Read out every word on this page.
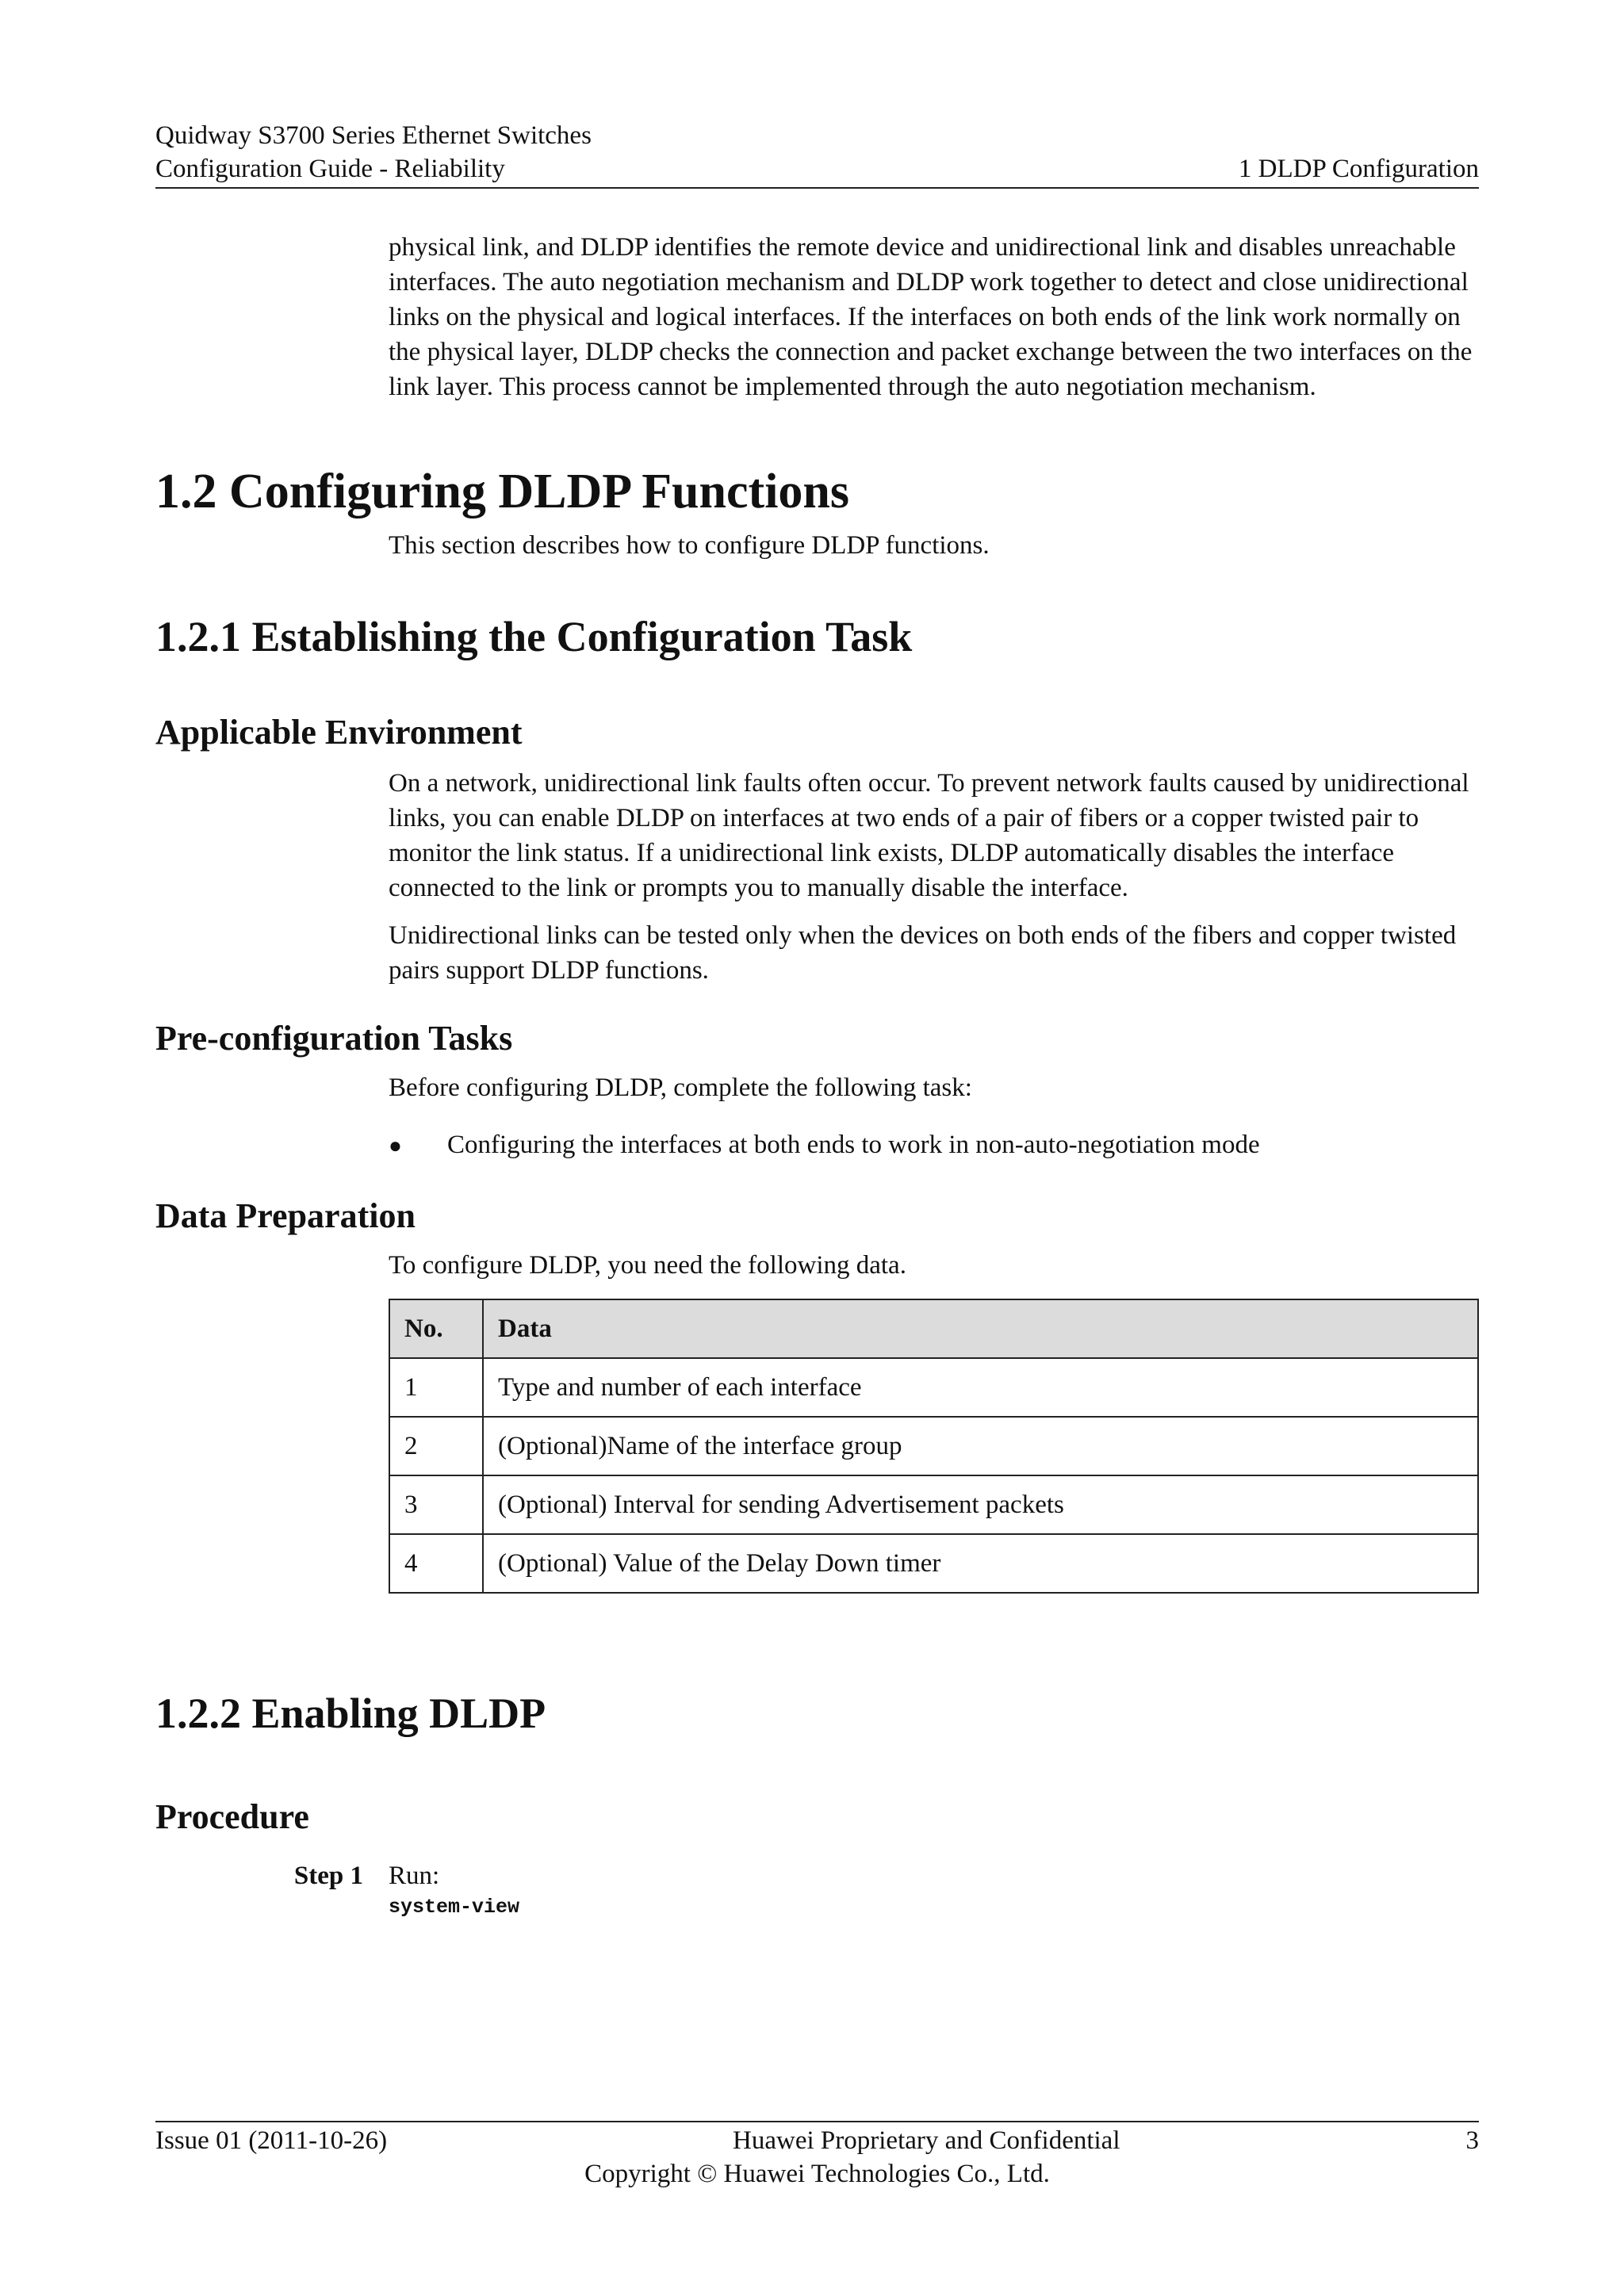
Quidway S3700 Series Ethernet Switches
Configuration Guide - Reliability	1 DLDP Configuration

physical link, and DLDP identifies the remote device and unidirectional link and disables unreachable interfaces. The auto negotiation mechanism and DLDP work together to detect and close unidirectional links on the physical and logical interfaces. If the interfaces on both ends of the link work normally on the physical layer, DLDP checks the connection and packet exchange between the two interfaces on the link layer. This process cannot be implemented through the auto negotiation mechanism.

1.2 Configuring DLDP Functions

This section describes how to configure DLDP functions.

1.2.1 Establishing the Configuration Task
Applicable Environment

On a network, unidirectional link faults often occur. To prevent network faults caused by unidirectional links, you can enable DLDP on interfaces at two ends of a pair of fibers or a copper twisted pair to monitor the link status. If a unidirectional link exists, DLDP automatically disables the interface connected to the link or prompts you to manually disable the interface.

Unidirectional links can be tested only when the devices on both ends of the fibers and copper twisted pairs support DLDP functions.

Pre-configuration Tasks

Before configuring DLDP, complete the following task:

●	Configuring the interfaces at both ends to work in non-auto-negotiation mode
Data Preparation

To configure DLDP, you need the following data.

No.	Data
1	Type and number of each interface
2	(Optional)Name of the interface group
3	(Optional) Interval for sending Advertisement packets
4	(Optional) Value of the Delay Down timer
1.2.2 Enabling DLDP
Procedure
Step 1 Run:
system-view
Issue 01 (2011-10-26)	Huawei Proprietary and Confidential	3
Copyright © Huawei Technologies Co., Ltd.
